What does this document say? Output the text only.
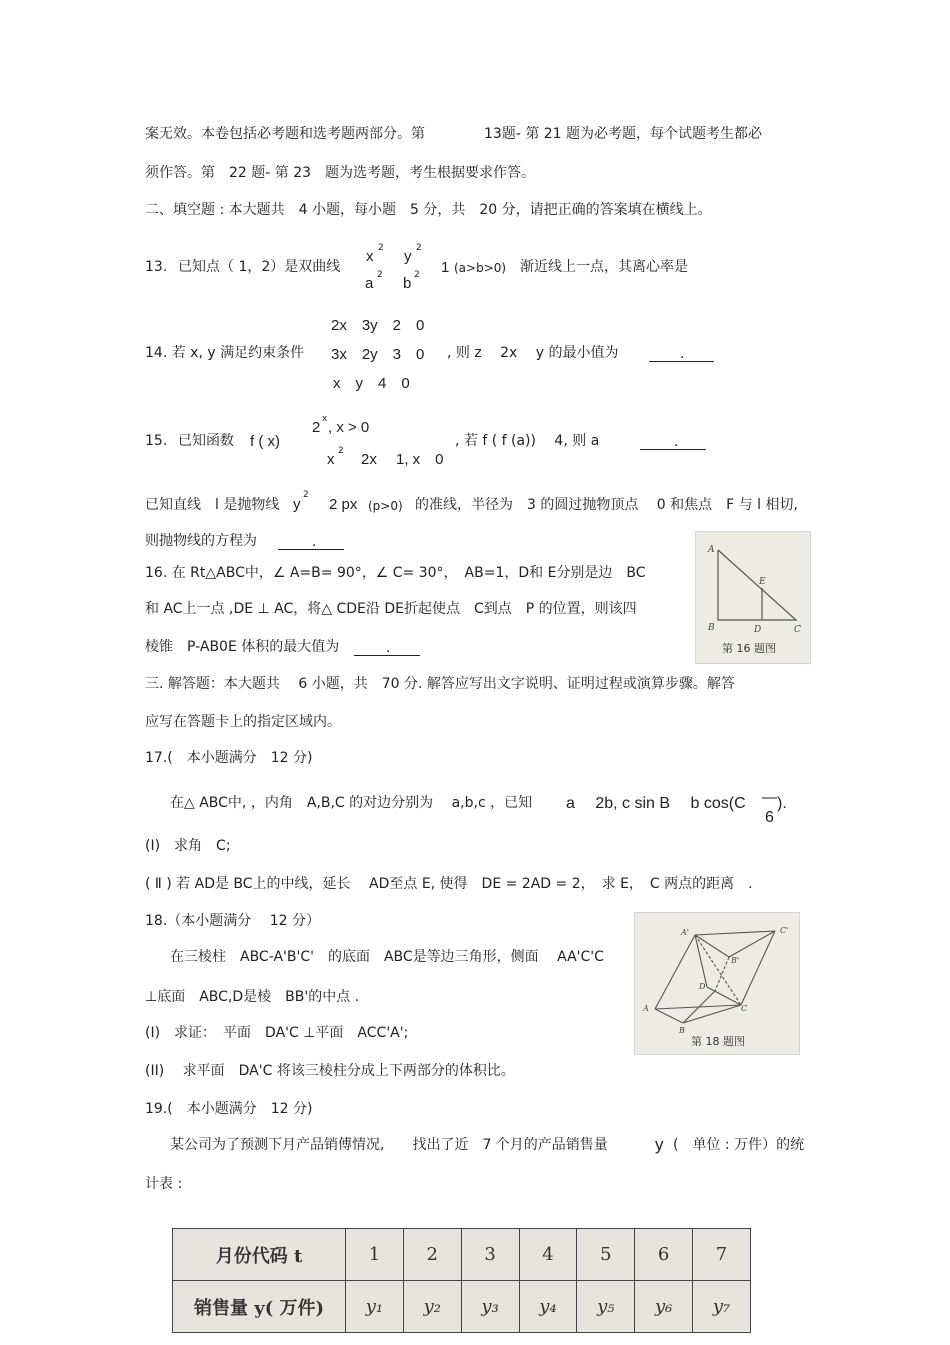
案无效。本卷包括必考题和选考题两部分。第	13题- 第 21 题为必考题，每个试题考生都必
须作答。第　22 题- 第 23　题为选考题，考生根据要求作答。
二、填空题 : 本大题共　4 小题，每小题　5 分，共　20 分，请把正确的答案填在横线上。
13. 已知点（ 1，2）是双曲线
x 2
a 2
y 2
b 2 1 (a>b>0) 渐近线上一点，其离心率是
14. 若 x, y 满足约束条件
2x　3y　2　0
3x　2y　3　0
x　y　4　0
, 则 z　 2x　 y 的最小值为	.
15. 已知函数 f ( x)
2 x , x > 0
x 2 2x　 1, x　0
, 若 f ( f (a))　 4, 则 a	.
已知直线　l 是抛物线 y
2
2 px (p>0) 的准线，半径为　3 的圆过抛物顶点　 0 和焦点　F 与 l 相切,
则抛物线的方程为	.
16. 在 Rt△ABC中，∠ A=B= 90°，∠ C= 30°，　AB=1，D和 E分别是边　BC
和 AC上一点 ,DE ⊥ AC，将△ CDE沿 DE折起使点　C到点　P 的位置，则该四
棱锥　P-AB0E 体积的最大值为	.
A
E
B	D	C
第 16 题图
三. 解答题：本大题共　 6 小题，共　70 分. 解答应写出文字说明、证明过程或演算步骤。解答
应写在答题卡上的指定区域内。
17.(　本小题满分　12 分)
在△ ABC中, ，内角　A,B,C 的对边分别为　 a,b,c ，已知 a　 2b, c sin B　 b cos(C —
6
).
(I)　求角　C;
( Ⅱ ) 若 AD是 BC上的中线，延长　 AD至点 E, 使得　DE = 2AD = 2，　求 E，　C 两点的距离　.
18.（本小题满分　 12 分）
在三棱柱　ABC-A'B'C'　的底面　ABC是等边三角形，侧面　 AA'C'C
⊥底面　ABC,D是棱　BB'的中点 .
(I)　求证：　平面　DA'C ⊥平面　ACC'A';
(II)　 求平面　DA'C 将该三棱柱分成上下两部分的体积比。
A'	C'
B'
D
A	C
B
第 18 题图
19.(　本小题满分　12 分)
某公司为了预测下月产品销傅情况,　　找出了近　7 个月的产品销售量	y (　单位 : 万件）的统
计表 :
月份代码 t	1	2	3	4	5	6	7
销售量 y( 万件)	y₁	y₂	y₃	y₄	y₅	y₆	y₇
